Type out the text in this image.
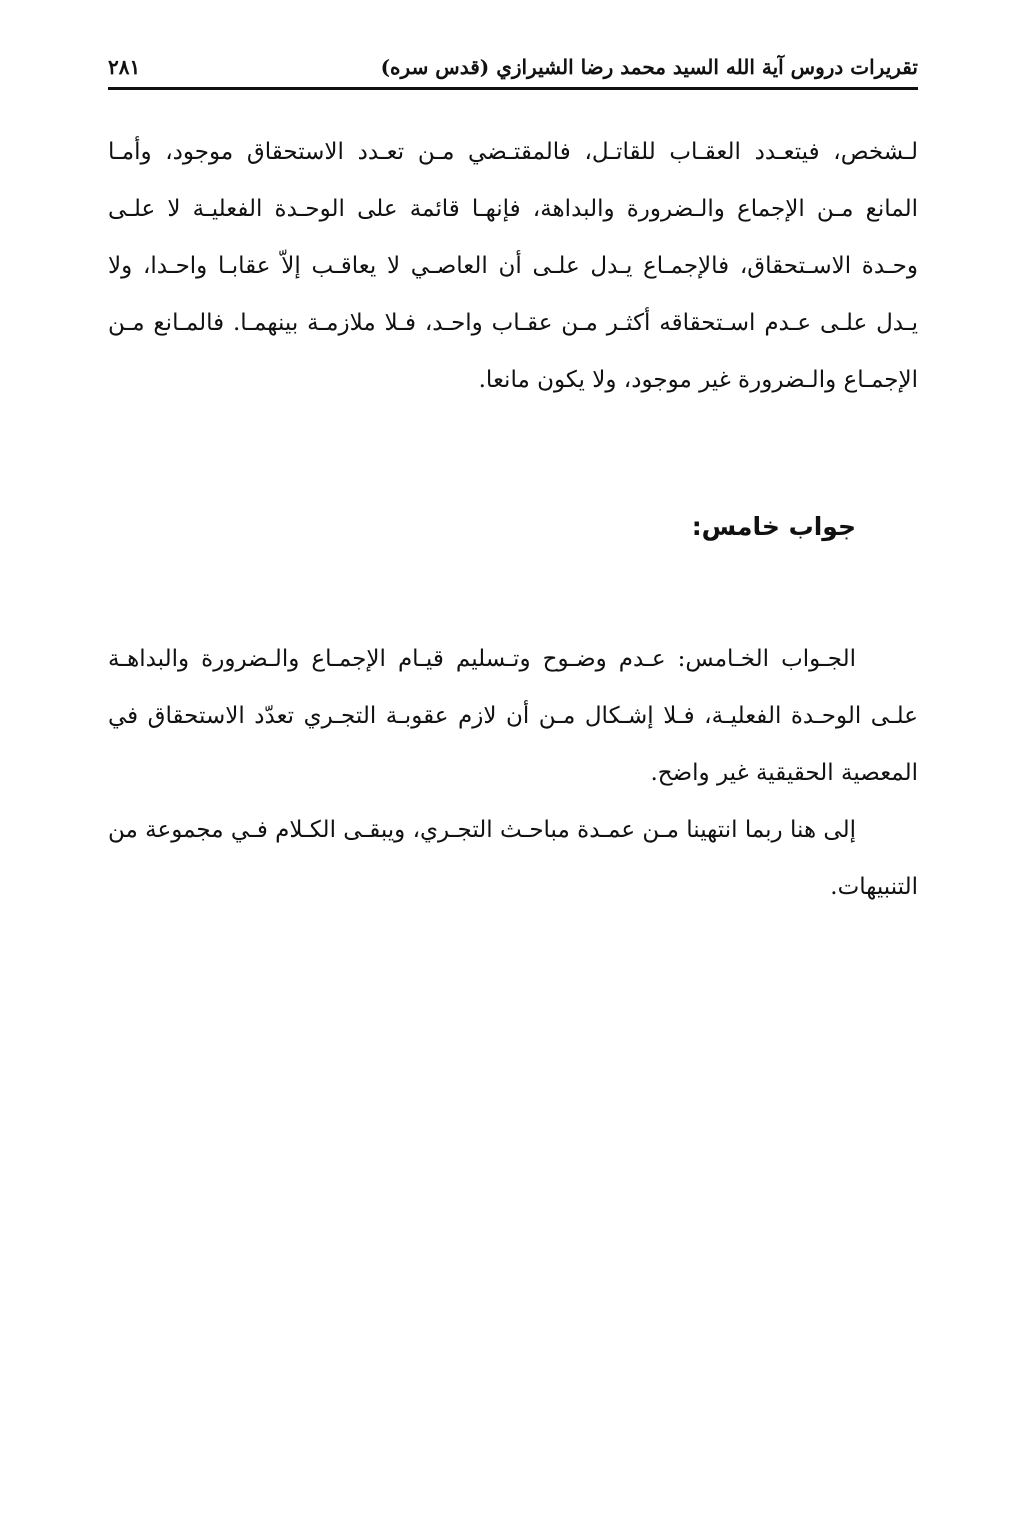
تقريرات دروس آية الله السيد محمد رضا الشيرازي (قدس سره)
٢٨١

لـشخص، فيتعـدد العقـاب للقاتـل، فالمقتـضي مـن تعـدد الاستحقاق موجود، وأمـا المانع مـن الإجماع والـضرورة والبداهة، فإنهـا قائمة على الوحـدة الفعليـة لا علـى وحـدة الاسـتحقاق، فالإجمـاع يـدل علـى أن العاصـي لا يعاقـب إلاّ عقابـا واحـدا، ولا يـدل علـى عـدم اسـتحقاقه أكثـر مـن عقـاب واحـد، فـلا ملازمـة بينهمـا. فالمـانع مـن الإجمـاع والـضرورة غير موجود، ولا يكون مانعا.

جواب خامس:

الجـواب الخـامس: عـدم وضـوح وتـسليم قيـام الإجمـاع والـضرورة والبداهـة علـى الوحـدة الفعليـة، فـلا إشـكال مـن أن لازم عقوبـة التجـري تعدّد الاستحقاق في المعصية الحقيقية غير واضح.

إلى هنا ربما انتهينا مـن عمـدة مباحـث التجـري، ويبقـى الكـلام فـي مجموعة من التنبيهات.
